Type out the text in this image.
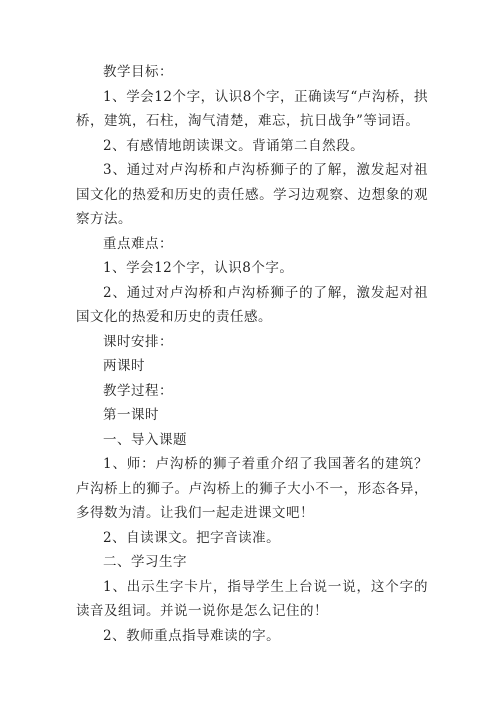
教学目标：

1、学会12个字，认识8个字，正确读写“卢沟桥，拱桥，建筑，石柱，淘气清楚，难忘，抗日战争”等词语。

2、有感情地朗读课文。背诵第二自然段。

3、通过对卢沟桥和卢沟桥狮子的了解，激发起对祖国文化的热爱和历史的责任感。学习边观察、边想象的观察方法。

重点难点：

1、学会12个字，认识8个字。

2、通过对卢沟桥和卢沟桥狮子的了解，激发起对祖国文化的热爱和历史的责任感。

课时安排：

两课时

教学过程：

第一课时

一、导入课题

1、师：卢沟桥的狮子着重介绍了我国著名的建筑？卢沟桥上的狮子。卢沟桥上的狮子大小不一，形态各异，多得数为清。让我们一起走进课文吧！

2、自读课文。把字音读准。

二、学习生字

1、出示生字卡片，指导学生上台说一说，这个字的读音及组词。并说一说你是怎么记住的！

2、教师重点指导难读的字。
